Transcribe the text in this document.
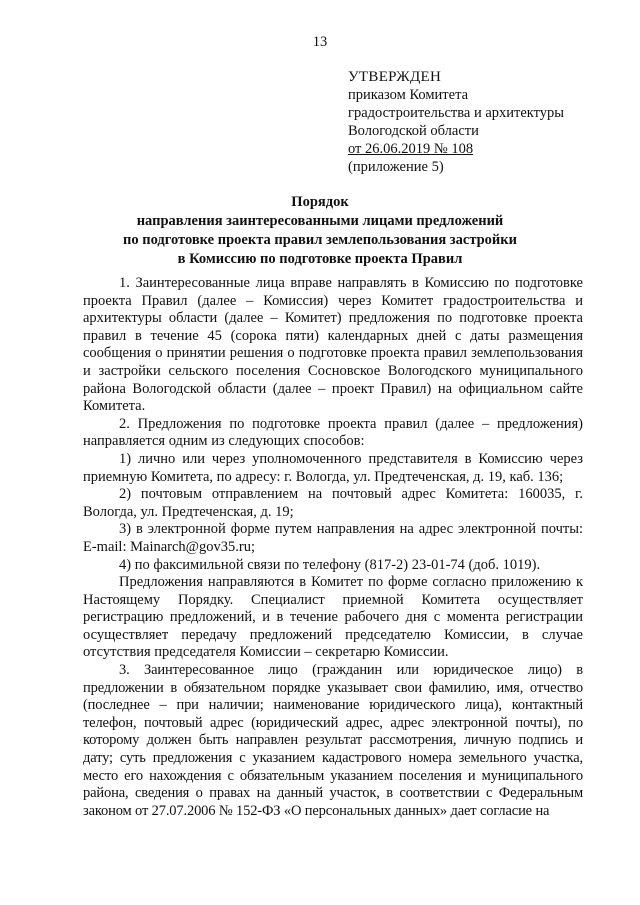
13
УТВЕРЖДЕН
приказом Комитета
градостроительства и архитектуры
Вологодской области
от 26.06.2019 № 108
(приложение 5)
Порядок
направления заинтересованными лицами предложений
по подготовке проекта правил землепользования застройки
в Комиссию по подготовке проекта Правил

1. Заинтересованные лица вправе направлять в Комиссию по подготовке проекта Правил (далее – Комиссия) через Комитет градостроительства и архитектуры области (далее – Комитет) предложения по подготовке проекта правил в течение 45 (сорока пяти) календарных дней с даты размещения сообщения о принятии решения о подготовке проекта правил землепользования и застройки сельского поселения Сосновское Вологодского муниципального района Вологодской области (далее – проект Правил) на официальном сайте Комитета.

2. Предложения по подготовке проекта правил (далее – предложения) направляется одним из следующих способов:

1) лично или через уполномоченного представителя в Комиссию через приемную Комитета, по адресу: г. Вологда, ул. Предтеченская, д. 19, каб. 136;

2) почтовым отправлением на почтовый адрес Комитета: 160035, г. Вологда, ул. Предтеченская, д. 19;

3) в электронной форме путем направления на адрес электронной почты: E-mail: Mainarch@gov35.ru;

4) по факсимильной связи по телефону (817-2) 23-01-74 (доб. 1019).

Предложения направляются в Комитет по форме согласно приложению к Настоящему Порядку. Специалист приемной Комитета осуществляет регистрацию предложений, и в течение рабочего дня с момента регистрации осуществляет передачу предложений председателю Комиссии, в случае отсутствия председателя Комиссии – секретарю Комиссии.

3. Заинтересованное лицо (гражданин или юридическое лицо) в предложении в обязательном порядке указывает свои фамилию, имя, отчество (последнее – при наличии; наименование юридического лица), контактный телефон, почтовый адрес (юридический адрес, адрес электронной почты), по которому должен быть направлен результат рассмотрения, личную подпись и дату; суть предложения с указанием кадастрового номера земельного участка, место его нахождения с обязательным указанием поселения и муниципального района, сведения о правах на данный участок, в соответствии с Федеральным законом от 27.07.2006 № 152-ФЗ «О персональных данных» дает согласие на
